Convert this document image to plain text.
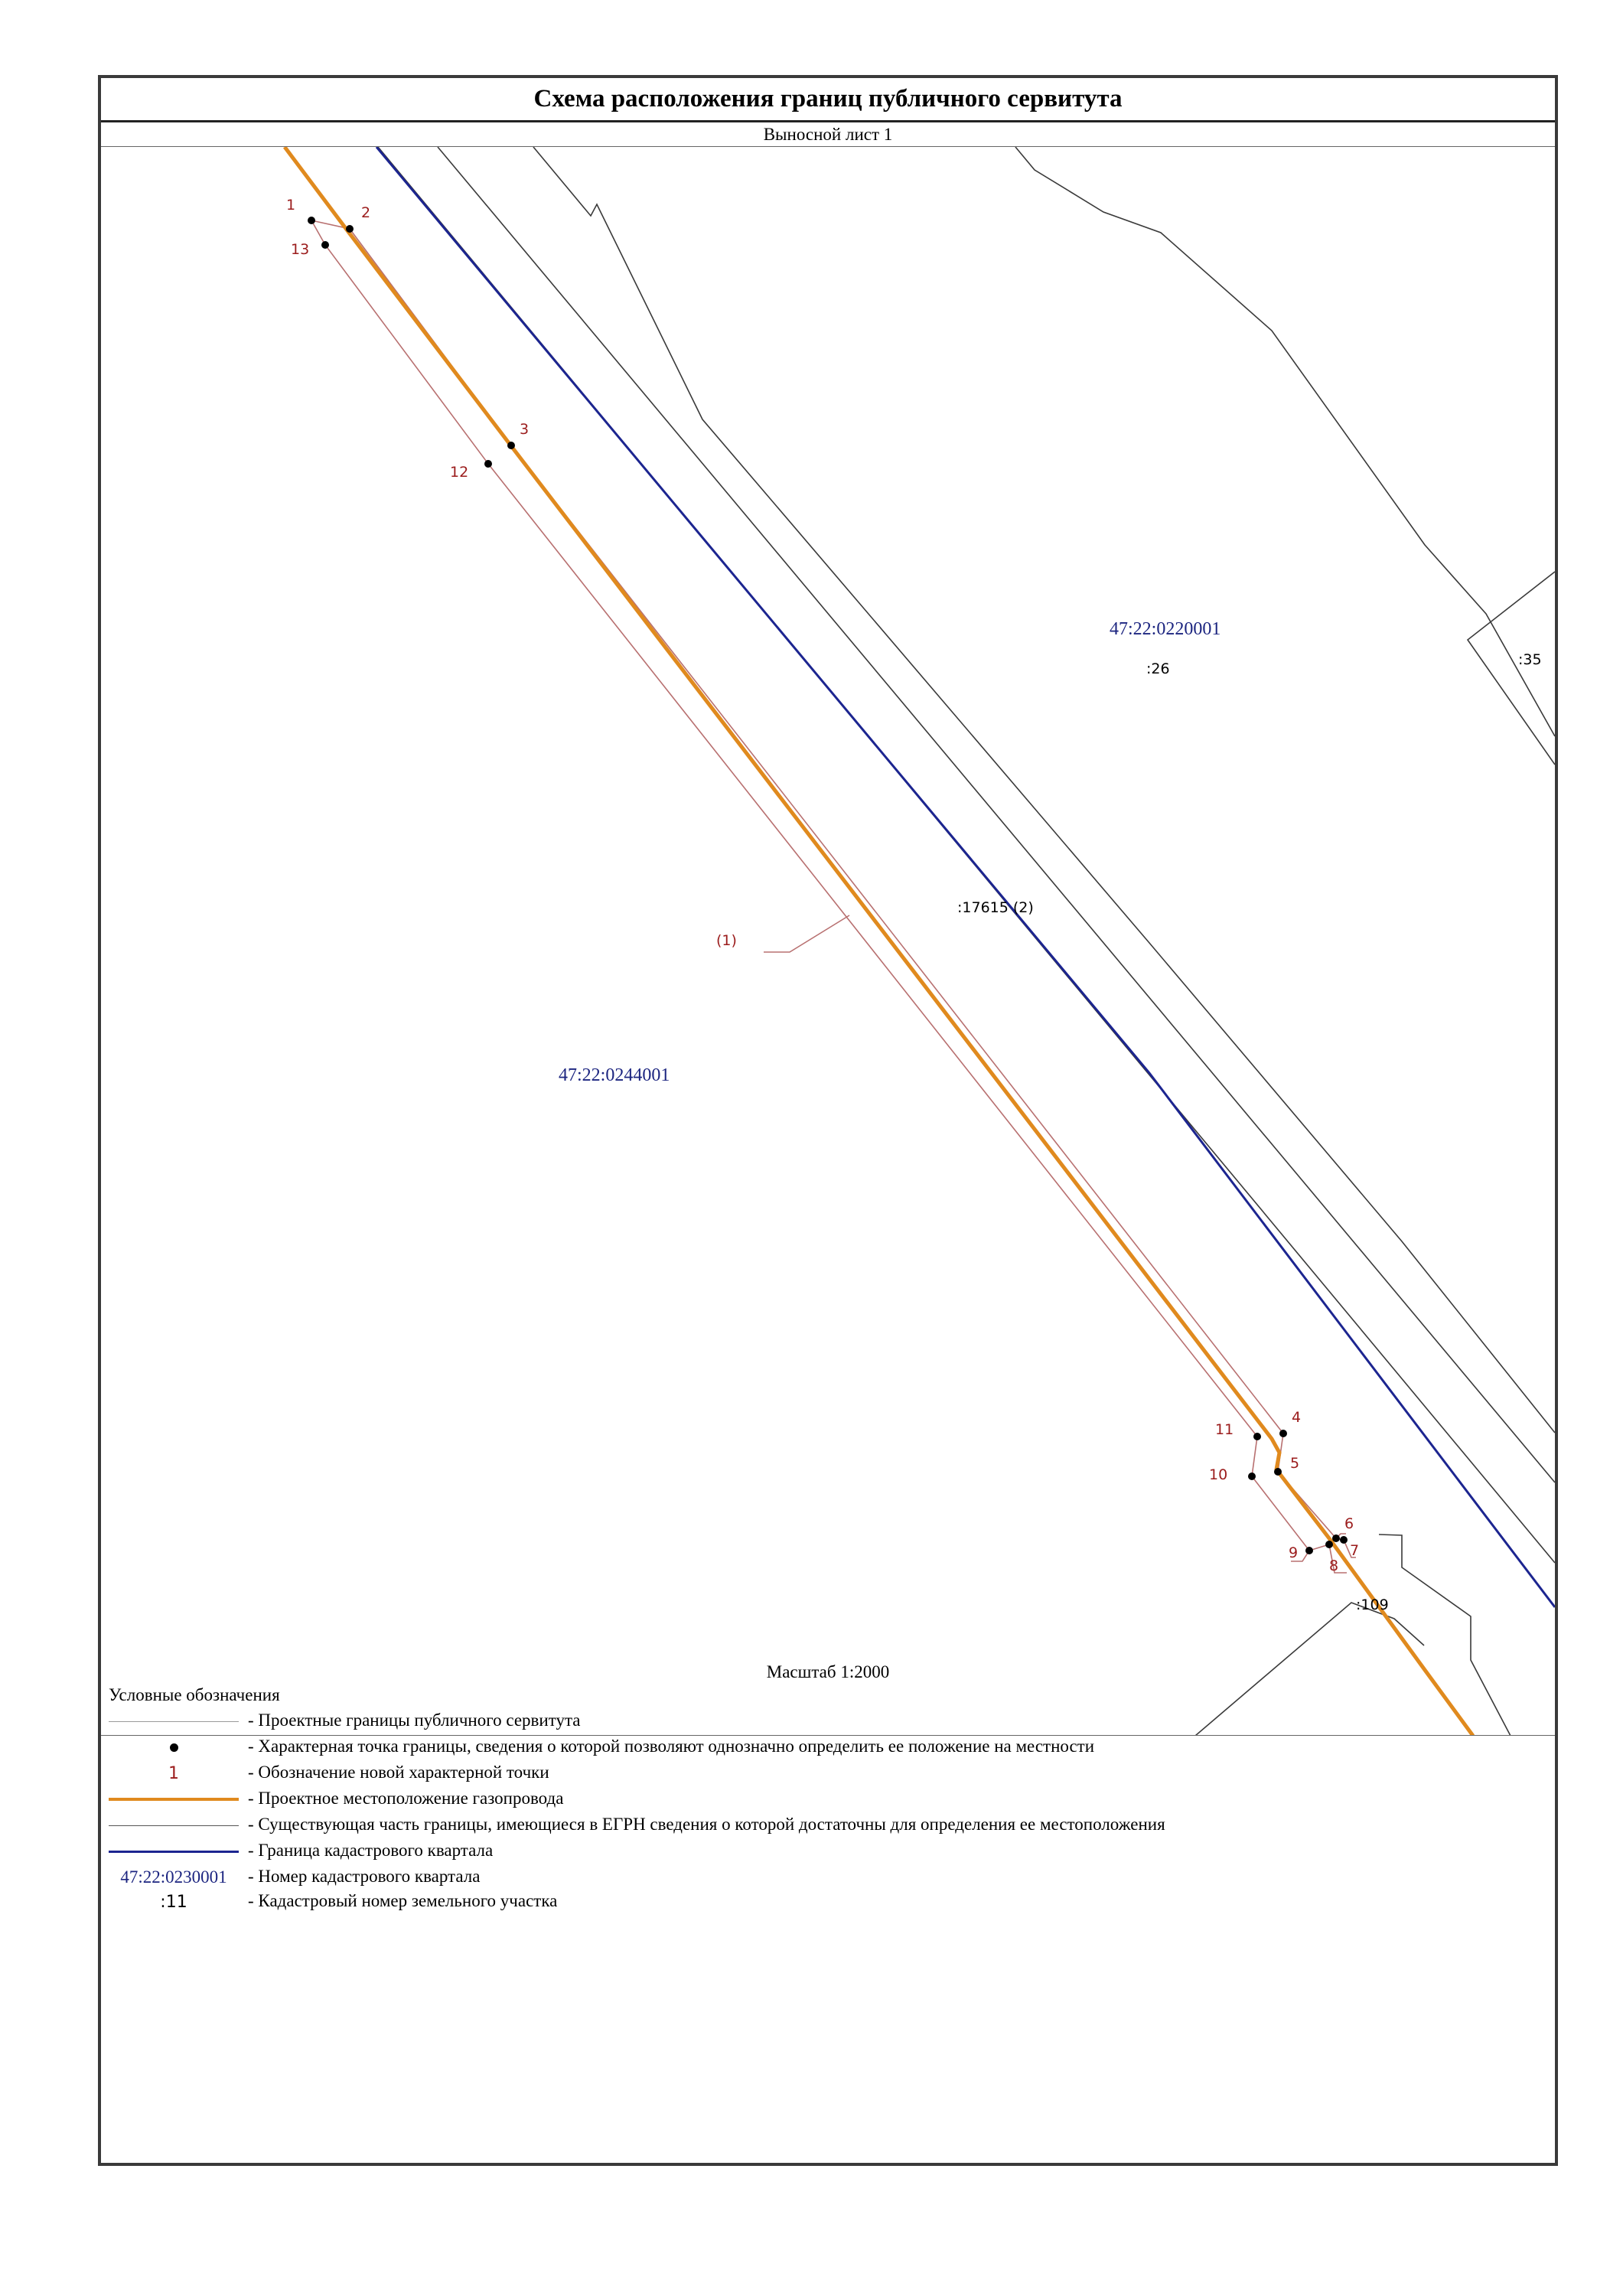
Схема расположения границ публичного сервитута
Выносной лист 1
1	2
3
4
5
6
7
8
9
10
11
12
13
47:22:0220001
47:22:0244001
:26
:35
:17615 (2)
:109
(1)
Масштаб 1:2000
Условные обозначения
- Проектные границы публичного сервитута
- Характерная точка границы, сведения о которой позволяют однозначно определить ее положение на местности
1	- Обозначение новой характерной точки
- Проектное местоположение газопровода
- Существующая часть границы, имеющиеся в ЕГРН сведения о которой достаточны для определения ее местоположения
- Граница кадастрового квартала
47:22:0230001 - Номер кадастрового квартала
:11	- Кадастровый номер земельного участка
